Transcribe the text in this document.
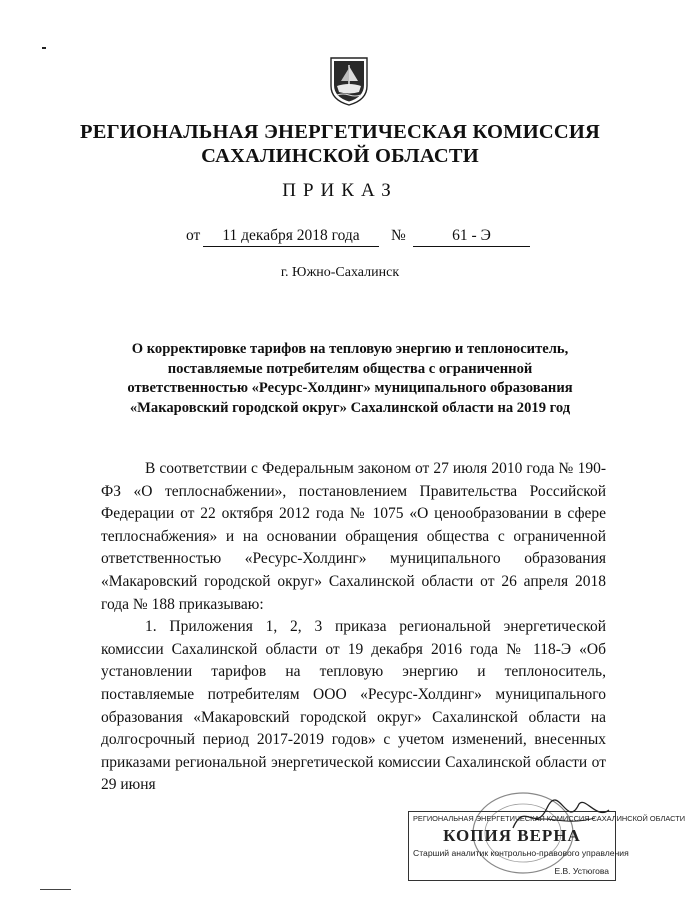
РЕГИОНАЛЬНАЯ ЭНЕРГЕТИЧЕСКАЯ КОМИССИЯ
САХАЛИНСКОЙ ОБЛАСТИ
ПРИКАЗ
от	11 декабря 2018 года	№	61 - Э
г. Южно-Сахалинск
О корректировке тарифов на тепловую энергию и теплоноситель,
поставляемые потребителям общества с ограниченной
ответственностью «Ресурс-Холдинг» муниципального образования
«Макаровский городской округ» Сахалинской области на 2019 год

В соответствии с Федеральным законом от 27 июля 2010 года № 190-ФЗ «О теплоснабжении», постановлением Правительства Российской Федерации от 22 октября 2012 года № 1075 «О ценообразовании в сфере теплоснабжения» и на основании обращения общества с ограниченной ответственностью «Ресурс-Холдинг» муниципального образования «Макаровский городской округ» Сахалинской области от 26 апреля 2018 года № 188 приказываю:

1. Приложения 1, 2, 3 приказа региональной энергетической комиссии Сахалинской области от 19 декабря 2016 года № 118-Э «Об установлении тарифов на тепловую энергию и теплоноситель, поставляемые потребителям ООО «Ресурс-Холдинг» муниципального образования «Макаровский городской округ» Сахалинской области на долгосрочный период 2017-2019 годов» с учетом изменений, внесенных приказами региональной энергетической комиссии Сахалинской области от 29 июня

РЕГИОНАЛЬНАЯ ЭНЕРГЕТИЧЕСКАЯ КОМИССИЯ САХАЛИНСКОЙ ОБЛАСТИ
КОПИЯ ВЕРНА
Старший аналитик контрольно-правового управления
Е.В. Устюгова
